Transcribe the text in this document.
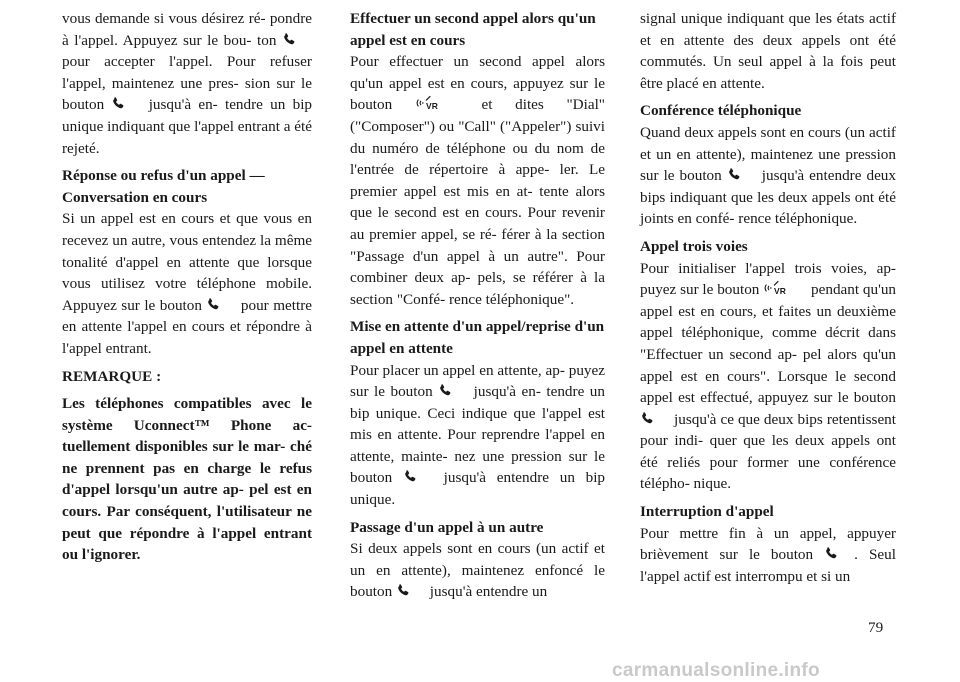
vous demande si vous désirez ré- pondre à l'appel. Appuyez sur le bou- ton  pour accepter l'appel. Pour refuser l'appel, maintenez une pres- sion sur le bouton	jusqu'à en- tendre un bip unique indiquant que l'appel entrant a été rejeté.

Réponse ou refus d'un appel — Conversation en cours

Si un appel est en cours et que vous en recevez un autre, vous entendez la même tonalité d'appel en attente que lorsque vous utilisez votre téléphone mobile. Appuyez sur le bouton	pour mettre en attente l'appel en cours et répondre à l'appel entrant.

REMARQUE :

Les téléphones compatibles avec le système Uconnect™ Phone ac- tuellement disponibles sur le mar- ché ne prennent pas en charge le refus d'appel lorsqu'un autre ap- pel est en cours. Par conséquent, l'utilisateur ne peut que répondre à l'appel entrant ou l'ignorer.

Effectuer un second appel alors qu'un appel est en cours

Pour effectuer un second appel alors qu'un appel est en cours, appuyez sur le bouton	et dites "Dial" ("Composer") ou "Call" ("Appeler") suivi du numéro de téléphone ou du nom de l'entrée de répertoire à appe- ler. Le premier appel est mis en at- tente alors que le second est en cours. Pour revenir au premier appel, se ré- férer à la section "Passage d'un appel à un autre". Pour combiner deux ap- pels, se référer à la section "Confé- rence téléphonique".

Mise en attente d'un appel/reprise d'un appel en attente

Pour placer un appel en attente, ap- puyez sur le bouton	jusqu'à en- tendre un bip unique. Ceci indique que l'appel est mis en attente. Pour reprendre l'appel en attente, mainte- nez une pression sur le bouton	jusqu'à entendre un bip unique.

Passage d'un appel à un autre

Si deux appels sont en cours (un actif et un en attente), maintenez enfoncé le bouton jusqu'à entendre un

signal unique indiquant que les états actif et en attente des deux appels ont été commutés. Un seul appel à la fois peut être placé en attente.

Conférence téléphonique

Quand deux appels sont en cours (un actif et un en attente), maintenez une pression sur le bouton	jusqu'à entendre deux bips indiquant que les deux appels ont été joints en confé- rence téléphonique.

Appel trois voies

Pour initialiser l'appel trois voies, ap- puyez sur le bouton	pendant qu'un appel est en cours, et faites un deuxième appel téléphonique, comme décrit dans "Effectuer un second ap- pel alors qu'un appel est en cours". Lorsque le second appel est effectué, appuyez sur le bouton  jusqu'à ce que deux bips retentissent pour indi- quer que les deux appels ont été reliés pour former une conférence télépho- nique.

Interruption d'appel

Pour mettre fin à un appel, appuyer brièvement sur le bouton	. Seul l'appel actif est interrompu et si un

79
carmanualsonline.info
